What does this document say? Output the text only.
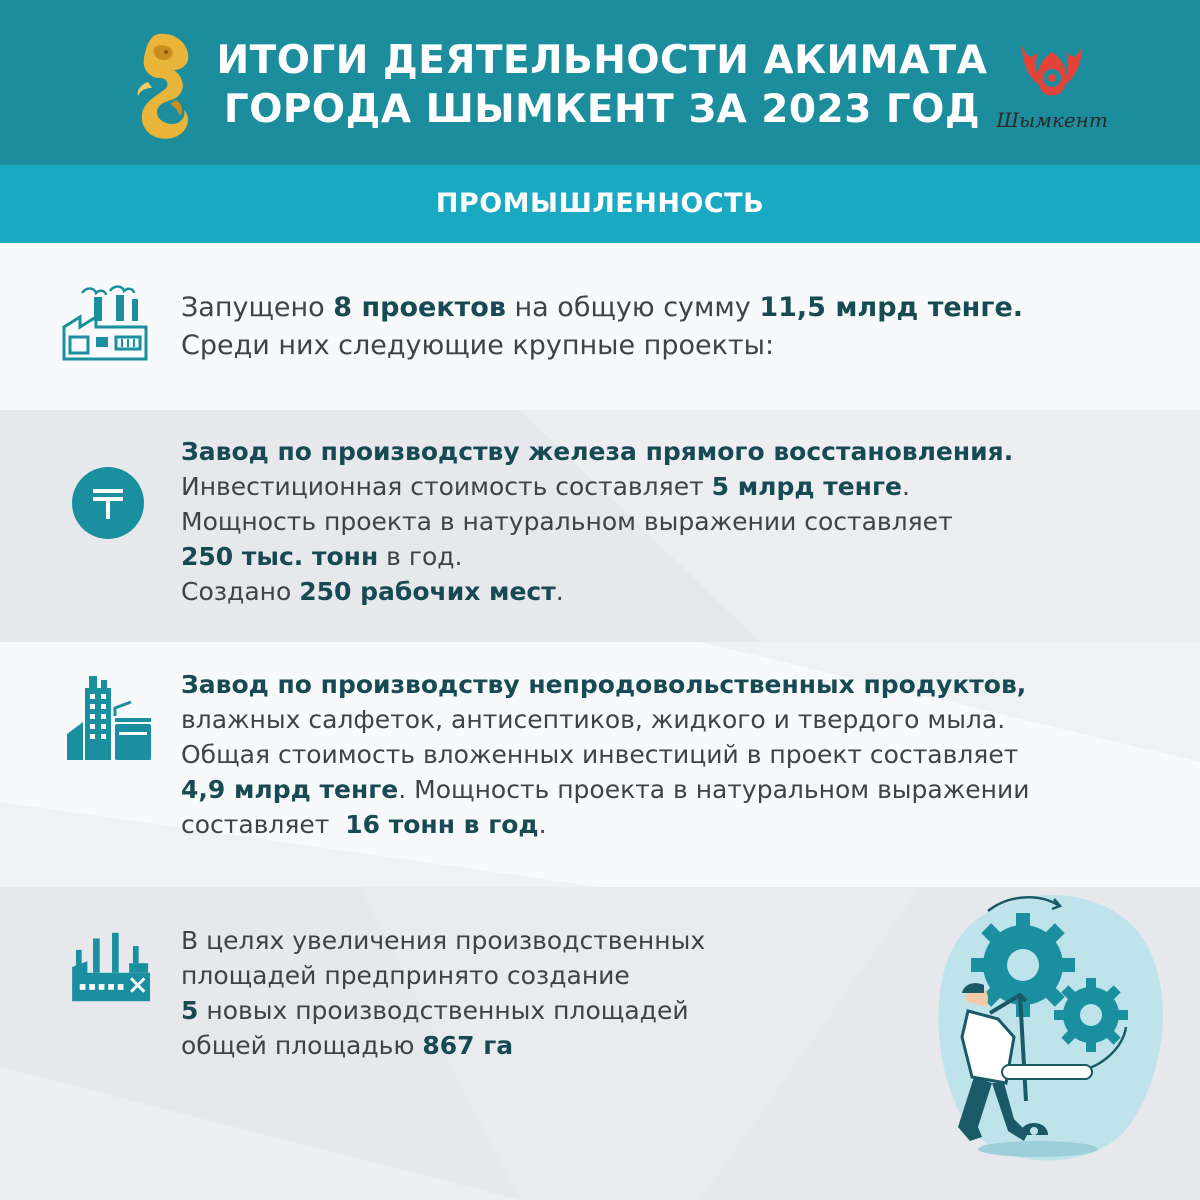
ИТОГИ ДЕЯТЕЛЬНОСТИ АКИМАТА
ГОРОДА ШЫМКЕНТ ЗА 2023 ГОД Шымкент
ПРОМЫШЛЕННОСТЬ
Запущено 8 проектов на общую сумму 11,5 млрд тенге.
Среди них следующие крупные проекты:
Завод по производству железа прямого восстановления.
Инвестиционная стоимость составляет 5 млрд тенге.
Мощность проекта в натуральном выражении составляет
250 тыс. тонн в год.
Создано 250 рабочих мест.
Завод по производству непродовольственных продуктов,
влажных салфеток, антисептиков, жидкого и твердого мыла.
Общая стоимость вложенных инвестиций в проект составляет
4,9 млрд тенге. Мощность проекта в натуральном выражении
составляет  16 тонн в год.
В целях увеличения производственных
площадей предпринято создание
5 новых производственных площадей
общей площадью 867 га
